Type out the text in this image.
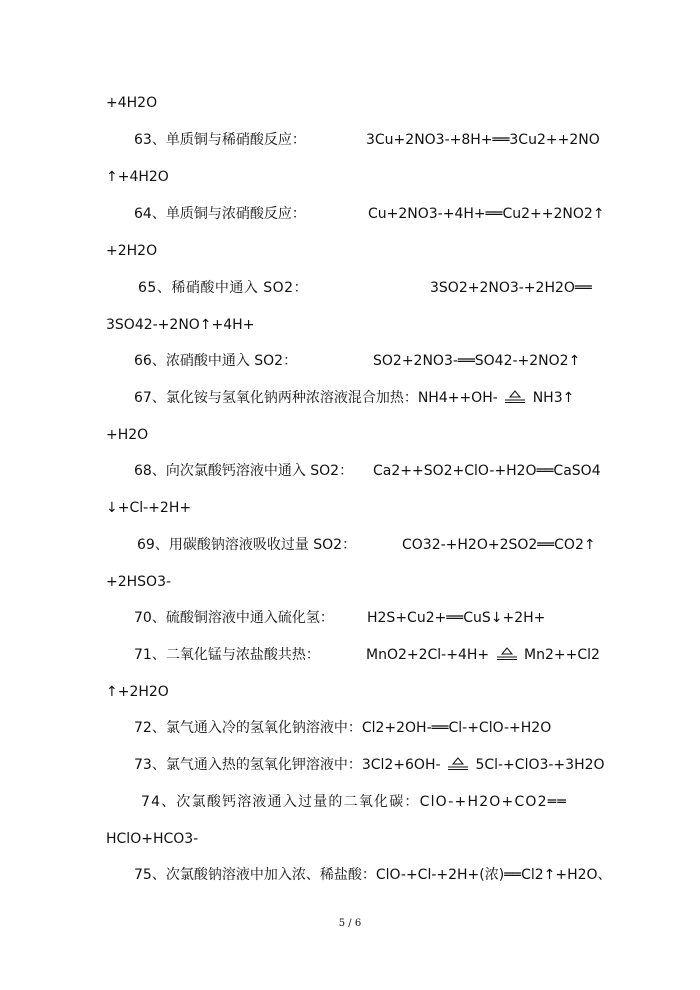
+4H2O
63、单质铜与稀硝酸反应：	3Cu+2NO3-+8H+══3Cu2++2NO
↑+4H2O
64、单质铜与浓硝酸反应：	Cu+2NO3-+4H+══Cu2++2NO2↑
+2H2O
65、稀硝酸中通入 SO2：	3SO2+2NO3-+2H2O══
3SO42-+2NO↑+4H+
66、浓硝酸中通入 SO2：	SO2+2NO3-══SO42-+2NO2↑
67、氯化铵与氢氧化钠两种浓溶液混合加热：NH4++OH- NH3↑
+H2O
68、向次氯酸钙溶液中通入 SO2： Ca2++SO2+ClO-+H2O══CaSO4
↓+Cl-+2H+
69、用碳酸钠溶液吸收过量 SO2：	CO32-+H2O+2SO2══CO2↑
+2HSO3-
70、硫酸铜溶液中通入硫化氢： H2S+Cu2+══CuS↓+2H+
71、二氧化锰与浓盐酸共热：	MnO2+2Cl-+4H+ Mn2++Cl2
↑+2H2O
72、氯气通入冷的氢氧化钠溶液中：Cl2+2OH-══Cl-+ClO-+H2O
73、氯气通入热的氢氧化钾溶液中：3Cl2+6OH- 5Cl-+ClO3-+3H2O
74、次氯酸钙溶液通入过量的二氧化碳：ClO-+H2O+CO2══
HClO+HCO3-
75、次氯酸钠溶液中加入浓、稀盐酸：ClO-+Cl-+2H+(浓)══Cl2↑+H2O、
5 / 6
